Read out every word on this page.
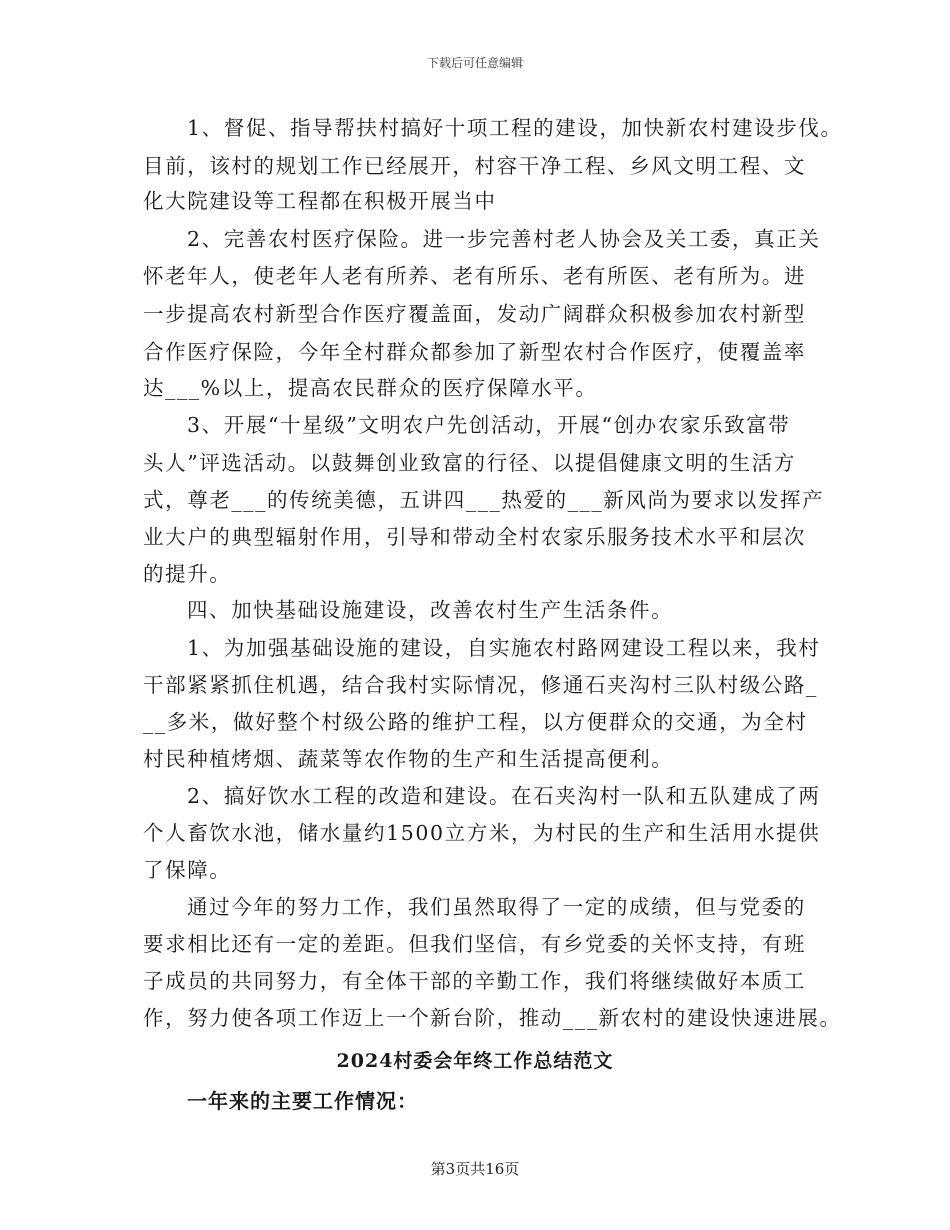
下载后可任意编辑
1、督促、指导帮扶村搞好十项工程的建设，加快新农村建设步伐。
目前，该村的规划工作已经展开，村容干净工程、乡风文明工程、文
化大院建设等工程都在积极开展当中
2、完善农村医疗保险。进一步完善村老人协会及关工委，真正关
怀老年人，使老年人老有所养、老有所乐、老有所医、老有所为。进
一步提高农村新型合作医疗覆盖面，发动广阔群众积极参加农村新型
合作医疗保险，今年全村群众都参加了新型农村合作医疗，使覆盖率
达___%以上，提高农民群众的医疗保障水平。
3、开展“十星级”文明农户先创活动，开展“创办农家乐致富带
头人”评选活动。以鼓舞创业致富的行径、以提倡健康文明的生活方
式，尊老___的传统美德，五讲四___热爱的___新风尚为要求以发挥产
业大户的典型辐射作用，引导和带动全村农家乐服务技术水平和层次
的提升。
四、加快基础设施建设，改善农村生产生活条件。
1、为加强基础设施的建设，自实施农村路网建设工程以来，我村
干部紧紧抓住机遇，结合我村实际情况，修通石夹沟村三队村级公路_
__多米，做好整个村级公路的维护工程，以方便群众的交通，为全村
村民种植烤烟、蔬菜等农作物的生产和生活提高便利。
2、搞好饮水工程的改造和建设。在石夹沟村一队和五队建成了两
个人畜饮水池，储水量约1500立方米，为村民的生产和生活用水提供
了保障。
通过今年的努力工作，我们虽然取得了一定的成绩，但与党委的
要求相比还有一定的差距。但我们坚信，有乡党委的关怀支持，有班
子成员的共同努力，有全体干部的辛勤工作，我们将继续做好本质工
作，努力使各项工作迈上一个新台阶，推动___新农村的建设快速进展。
2024村委会年终工作总结范文
一年来的主要工作情况：
第3页共16页
